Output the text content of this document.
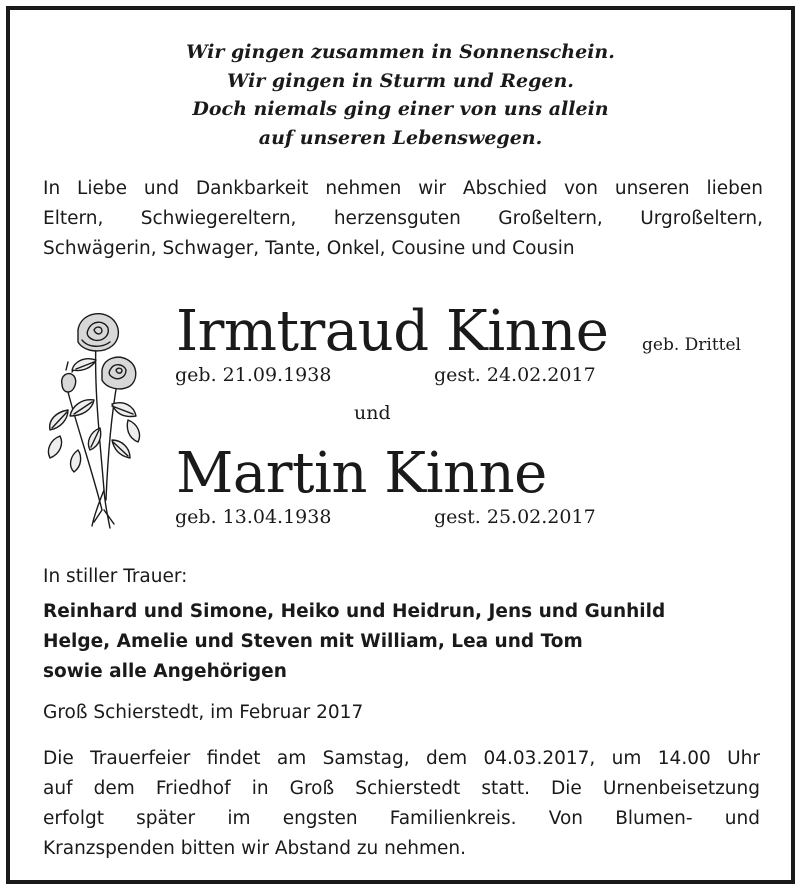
Wir gingen zusammen in Sonnenschein.
Wir gingen in Sturm und Regen.
Doch niemals ging einer von uns allein
auf unseren Lebenswegen.
In Liebe und Dankbarkeit nehmen wir Abschied von unseren lieben
Eltern, Schwiegereltern, herzensguten Großeltern, Urgroßeltern,
Schwägerin, Schwager, Tante, Onkel, Cousine und Cousin
Irmtraud Kinne geb. Drittel
geb. 21.09.1938	gest. 24.02.2017
und
Martin Kinne
geb. 13.04.1938	gest. 25.02.2017
In stiller Trauer:
Reinhard und Simone, Heiko und Heidrun, Jens und Gunhild
Helge, Amelie und Steven mit William, Lea und Tom
sowie alle Angehörigen
Groß Schierstedt, im Februar 2017
Die Trauerfeier findet am Samstag, dem 04.03.2017, um 14.00 Uhr
auf dem Friedhof in Groß Schierstedt statt. Die Urnenbeisetzung
erfolgt später im engsten Familienkreis. Von Blumen- und
Kranzspenden bitten wir Abstand zu nehmen.
